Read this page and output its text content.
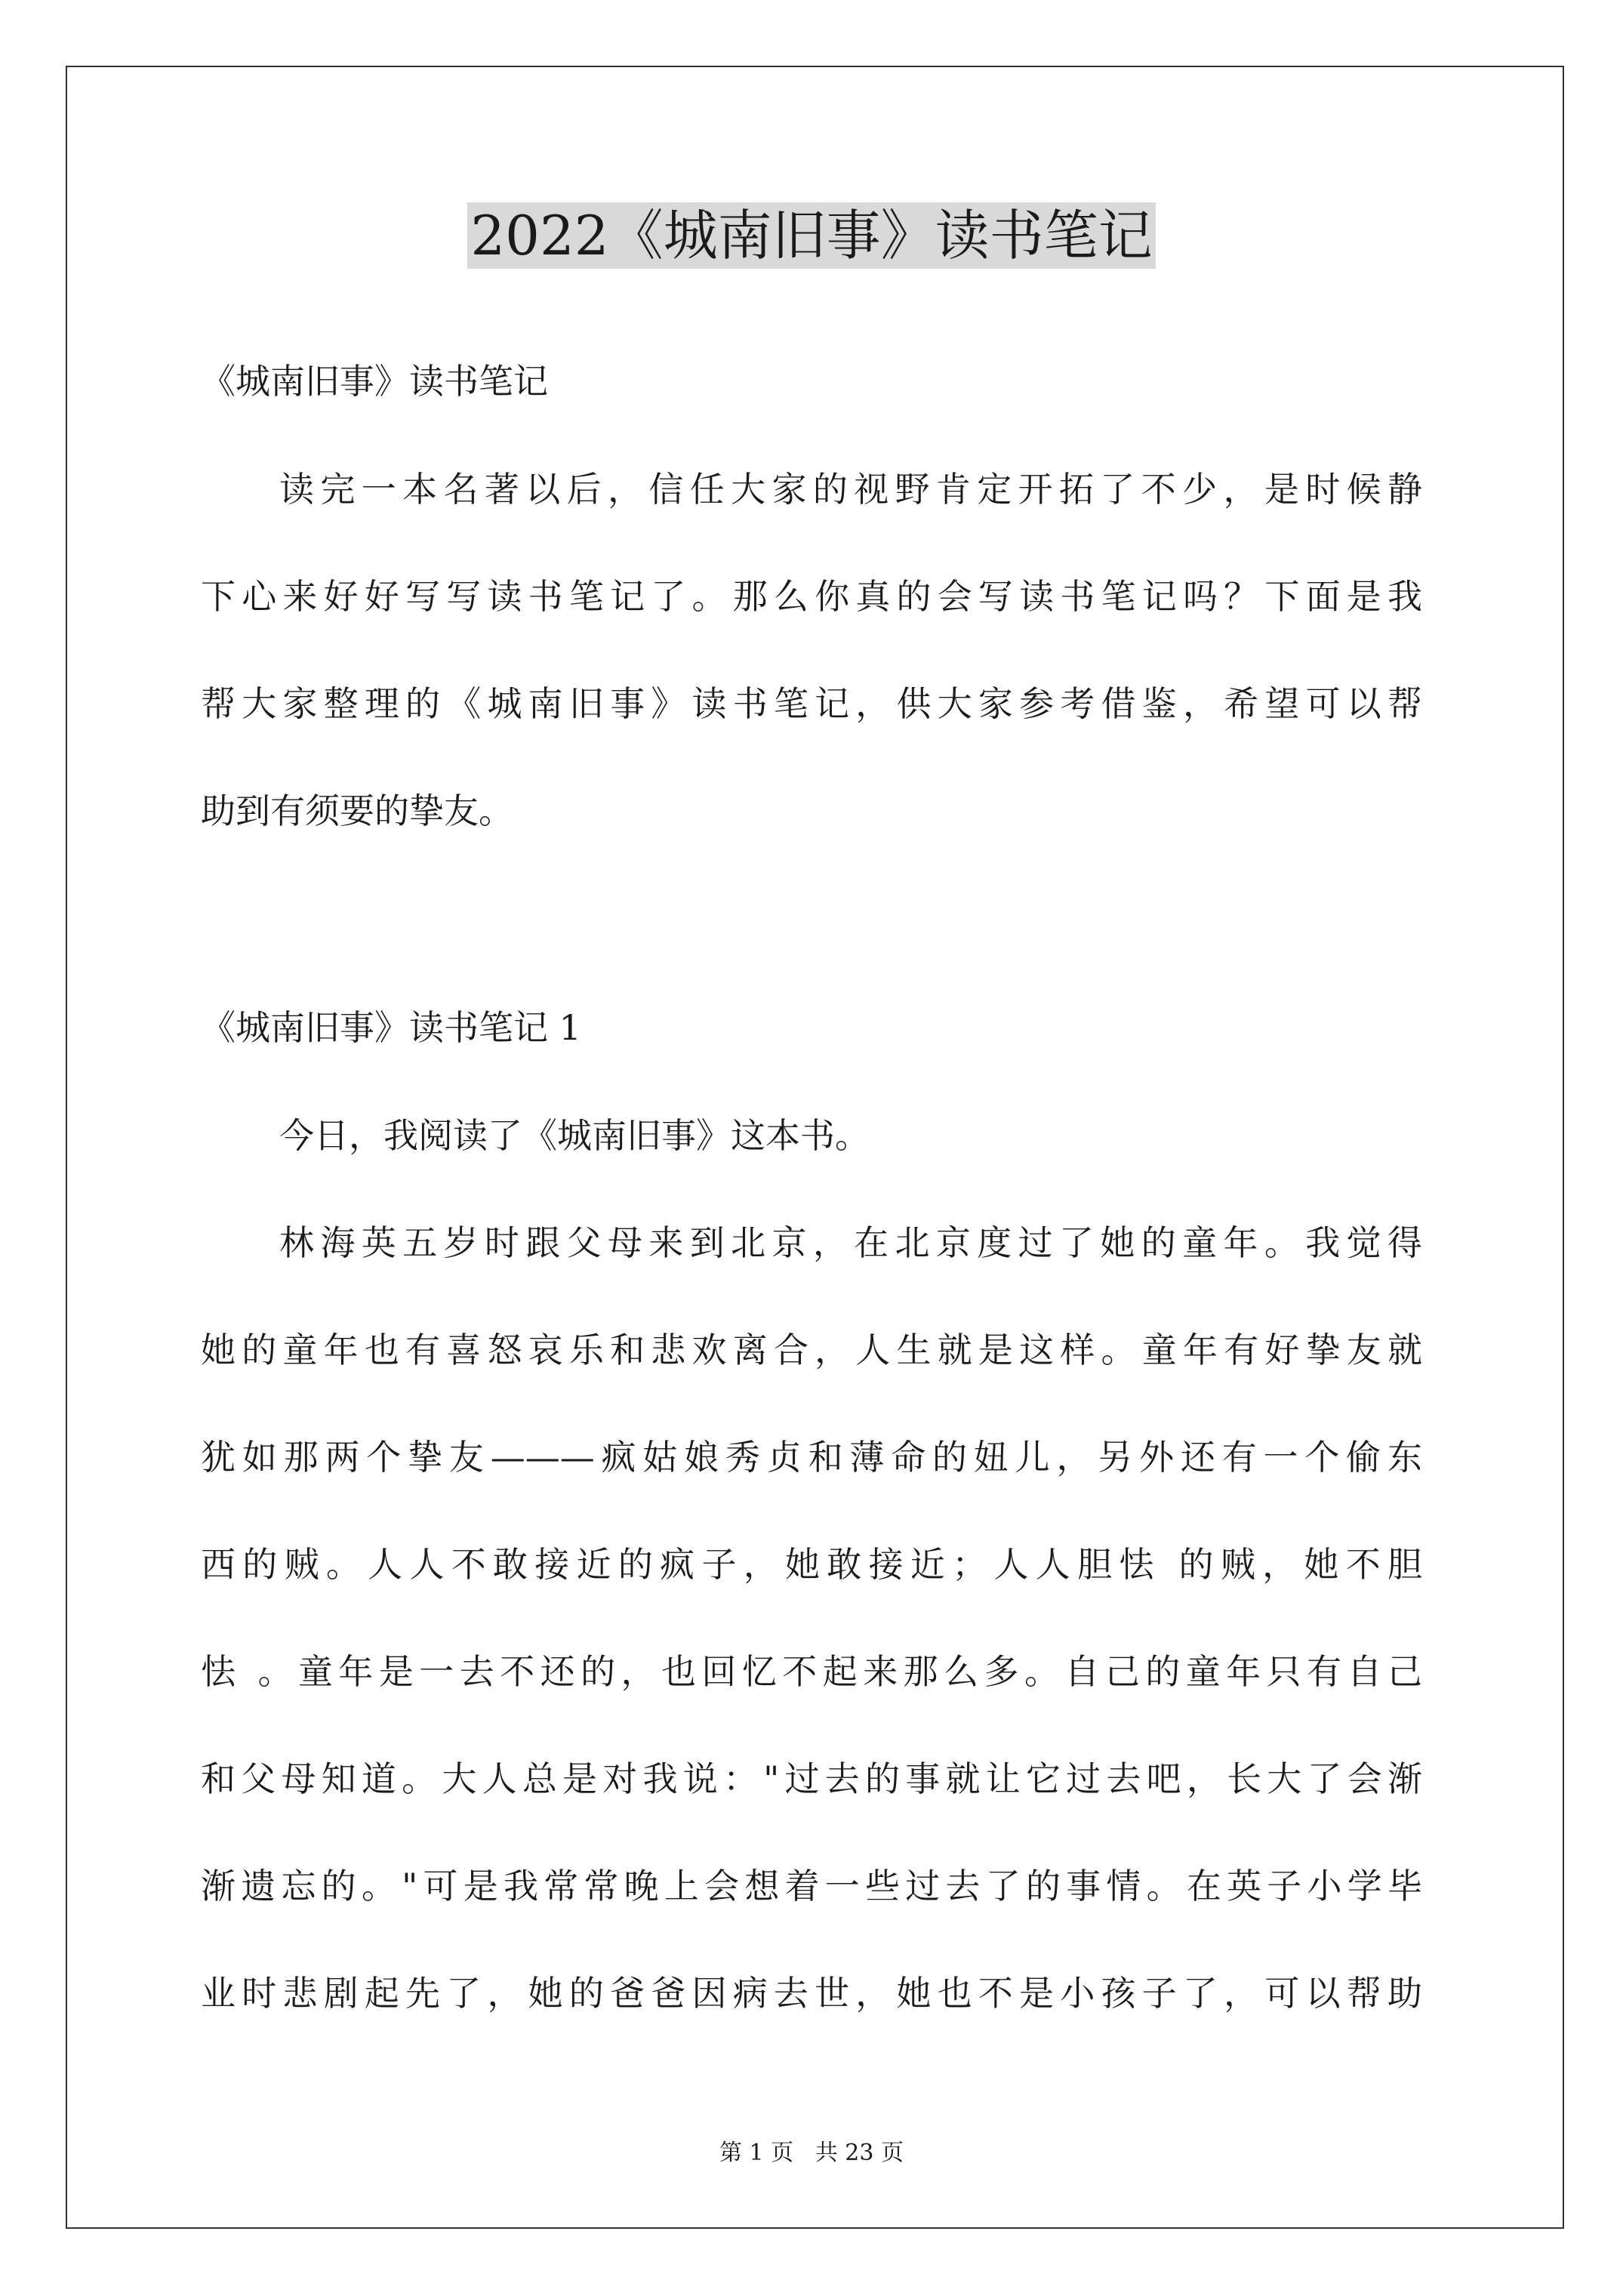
2022《城南旧事》读书笔记
《城南旧事》读书笔记
读完一本名著以后，信任大家的视野肯定开拓了不少，是时候静
下心来好好写写读书笔记了。那么你真的会写读书笔记吗？下面是我
帮大家整理的《城南旧事》读书笔记，供大家参考借鉴，希望可以帮
助到有须要的挚友。
《城南旧事》读书笔记 1
今日，我阅读了《城南旧事》这本书。
林海英五岁时跟父母来到北京，在北京度过了她的童年。我觉得
她的童年也有喜怒哀乐和悲欢离合，人生就是这样。童年有好挚友就
犹如那两个挚友———疯姑娘秀贞和薄命的妞儿，另外还有一个偷东
西的贼。人人不敢接近的疯子，她敢接近；人人胆怯 的贼，她不胆
怯 。童年是一去不还的，也回忆不起来那么多。自己的童年只有自己
和父母知道。大人总是对我说："过去的事就让它过去吧，长大了会渐
渐遗忘的。"可是我常常晚上会想着一些过去了的事情。在英子小学毕
业时悲剧起先了，她的爸爸因病去世，她也不是小孩子了，可以帮助
第 1 页   共 23 页
